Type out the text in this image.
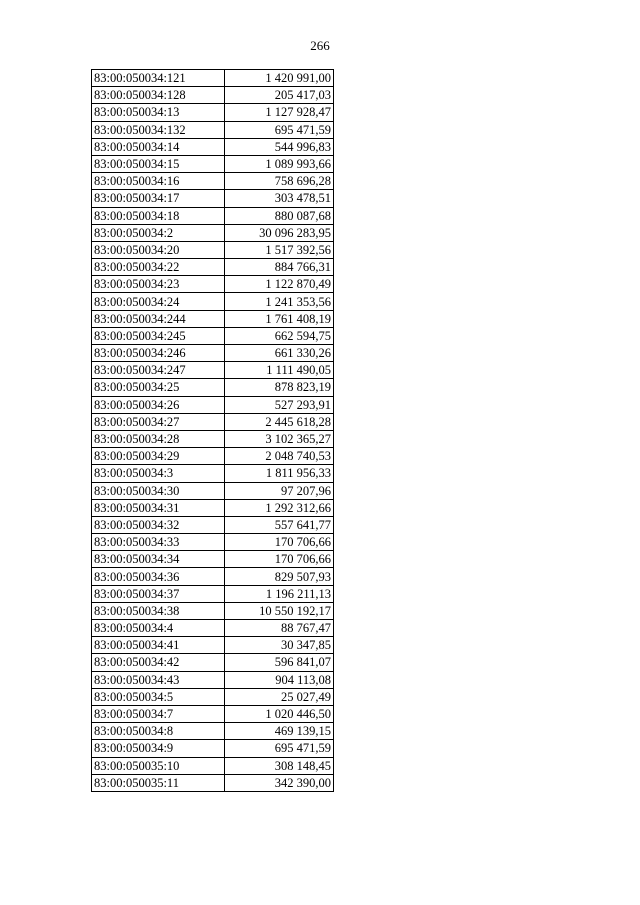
266
83:00:050034:121	1 420 991,00
83:00:050034:128	205 417,03
83:00:050034:13	1 127 928,47
83:00:050034:132	695 471,59
83:00:050034:14	544 996,83
83:00:050034:15	1 089 993,66
83:00:050034:16	758 696,28
83:00:050034:17	303 478,51
83:00:050034:18	880 087,68
83:00:050034:2	30 096 283,95
83:00:050034:20	1 517 392,56
83:00:050034:22	884 766,31
83:00:050034:23	1 122 870,49
83:00:050034:24	1 241 353,56
83:00:050034:244	1 761 408,19
83:00:050034:245	662 594,75
83:00:050034:246	661 330,26
83:00:050034:247	1 111 490,05
83:00:050034:25	878 823,19
83:00:050034:26	527 293,91
83:00:050034:27	2 445 618,28
83:00:050034:28	3 102 365,27
83:00:050034:29	2 048 740,53
83:00:050034:3	1 811 956,33
83:00:050034:30	97 207,96
83:00:050034:31	1 292 312,66
83:00:050034:32	557 641,77
83:00:050034:33	170 706,66
83:00:050034:34	170 706,66
83:00:050034:36	829 507,93
83:00:050034:37	1 196 211,13
83:00:050034:38	10 550 192,17
83:00:050034:4	88 767,47
83:00:050034:41	30 347,85
83:00:050034:42	596 841,07
83:00:050034:43	904 113,08
83:00:050034:5	25 027,49
83:00:050034:7	1 020 446,50
83:00:050034:8	469 139,15
83:00:050034:9	695 471,59
83:00:050035:10	308 148,45
83:00:050035:11	342 390,00
